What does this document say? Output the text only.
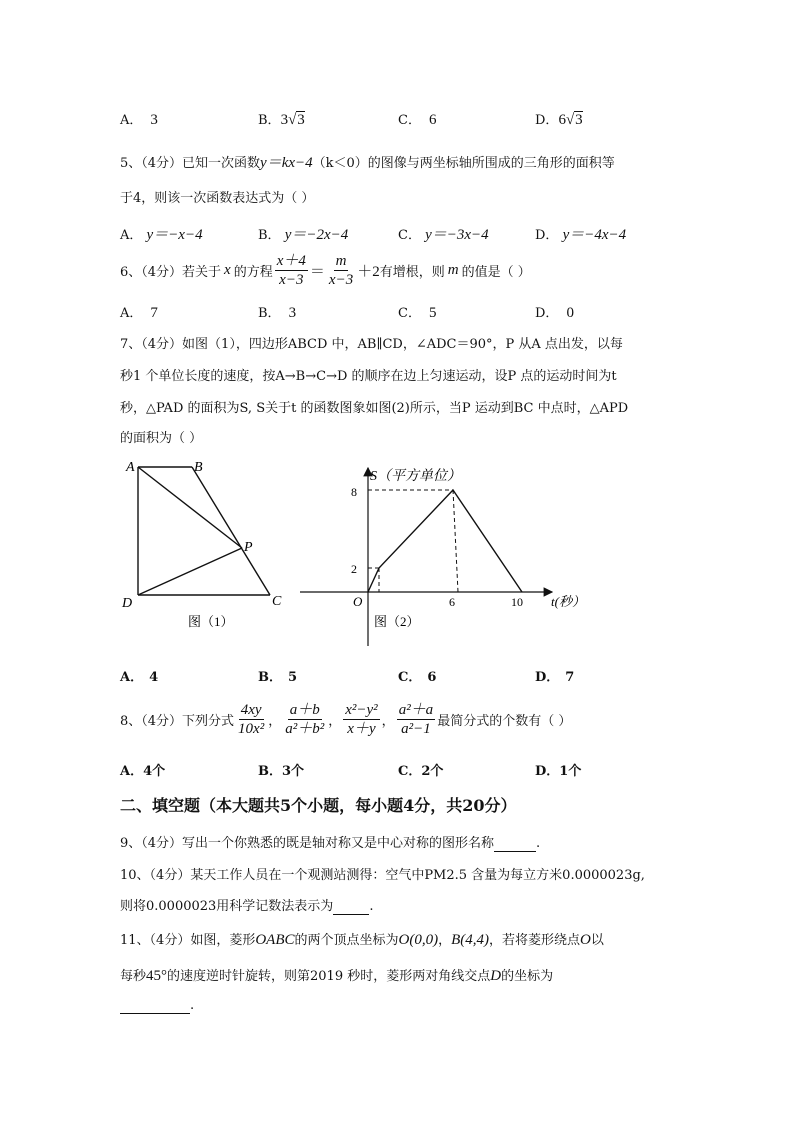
A． 3	B．3√3	C． 6	D．6√3
5、（4分）已知一次函数y＝kx−4（k＜0）的图像与两坐标轴所围成的三角形的面积等
于4，则该一次函数表达式为（ ）
A． y＝−x−4	B． y＝−2x−4	C． y＝−3x−4	D． y＝−4x−4
6、（4分）若关于 x 的方程 $\frac{x+4}{x-3} = \frac{m}{x-3} +2$ 有增根，则 m 的值是（ ）
A． 7	B． 3	C． 5	D． 0
7、（4分）如图（1），四边形ABCD 中，AB∥CD，∠ADC＝90°，P 从A 点出发，以每
秒1 个单位长度的速度，按A→B→C→D 的顺序在边上匀速运动，设P 点的运动时间为t
秒，△PAD 的面积为S, S关于t 的函数图象如图(2)所示，当P 运动到BC 中点时，△APD
的面积为（ ）
A	B
P
D	C
图（1）
S（平方单位）
8
2
O	6	10 t(秒）
图（2）
A． 4	B． 5	C． 6	D． 7
8、（4分）下列分式 $\frac{4xy}{\text{10x²}}$ ， $\frac{a+b}{\text{a²＋b²}}$ ， $\frac{\text{x²−y²}}{x+y}$ ， $\frac{\text{a²＋a}}{\text{a²−1}}$ 最简分式的个数有（ ）
A．4个	B．3个	C．2个	D．1个
二、填空题（本大题共5个小题，每小题4分，共20分）
9、（4分）写出一个你熟悉的既是轴对称又是中心对称的图形名称	.
10、（4分）某天工作人员在一个观测站测得：空气中PM2.5 含量为每立方米0.0000023g,
则将0.0000023用科学记数法表示为	.
11、（4分）如图，菱形OABC的两个顶点坐标为O(0,0)，B(4,4)，若将菱形绕点O以
每秒45°的速度逆时针旋转，则第2019 秒时，菱形两对角线交点D的坐标为
.
